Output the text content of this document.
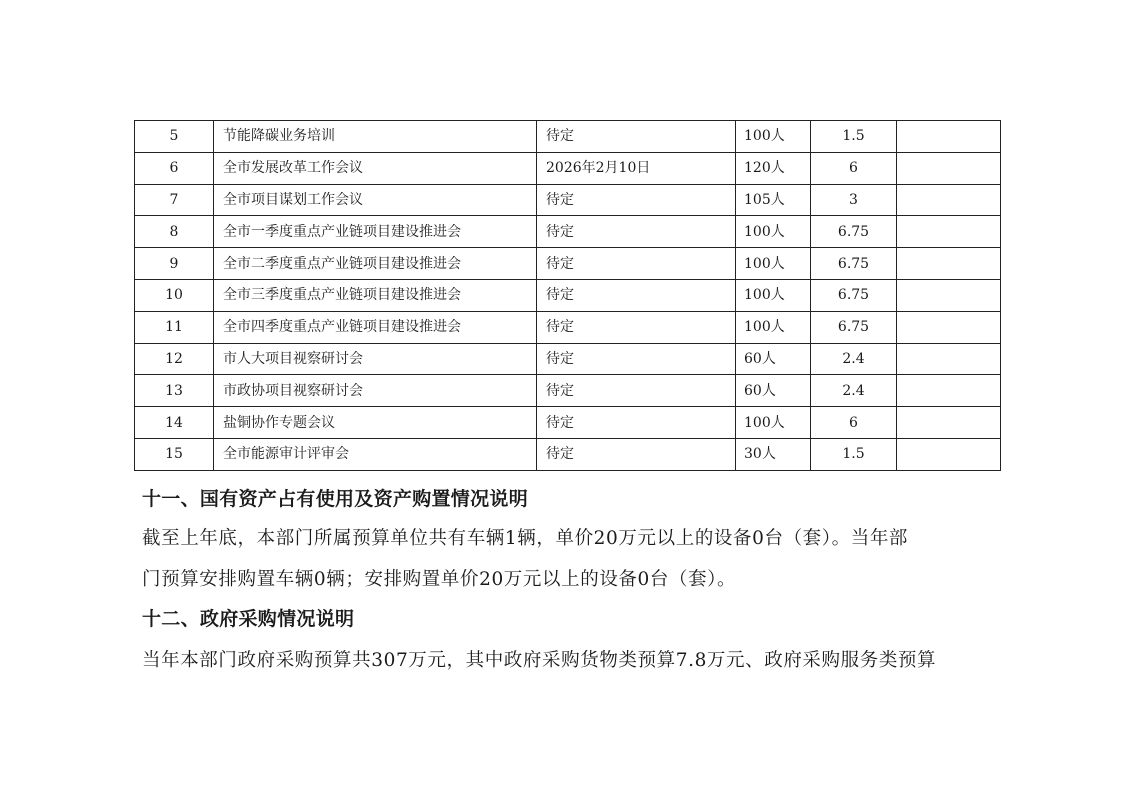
5	节能降碳业务培训	待定	100人	1.5	
6	全市发展改革工作会议	2026年2月10日	120人	6	
7	全市项目谋划工作会议	待定	105人	3	
8	全市一季度重点产业链项目建设推进会	待定	100人	6.75	
9	全市二季度重点产业链项目建设推进会	待定	100人	6.75	
10	全市三季度重点产业链项目建设推进会	待定	100人	6.75	
11	全市四季度重点产业链项目建设推进会	待定	100人	6.75	
12	市人大项目视察研讨会	待定	60人	2.4	
13	市政协项目视察研讨会	待定	60人	2.4	
14	盐铜协作专题会议	待定	100人	6	
15	全市能源审计评审会	待定	30人	1.5	
十一、国有资产占有使用及资产购置情况说明
截至上年底，本部门所属预算单位共有车辆1辆，单价20万元以上的设备0台（套）。当年部
门预算安排购置车辆0辆；安排购置单价20万元以上的设备0台（套）。
十二、政府采购情况说明
当年本部门政府采购预算共307万元，其中政府采购货物类预算7.8万元、政府采购服务类预算
